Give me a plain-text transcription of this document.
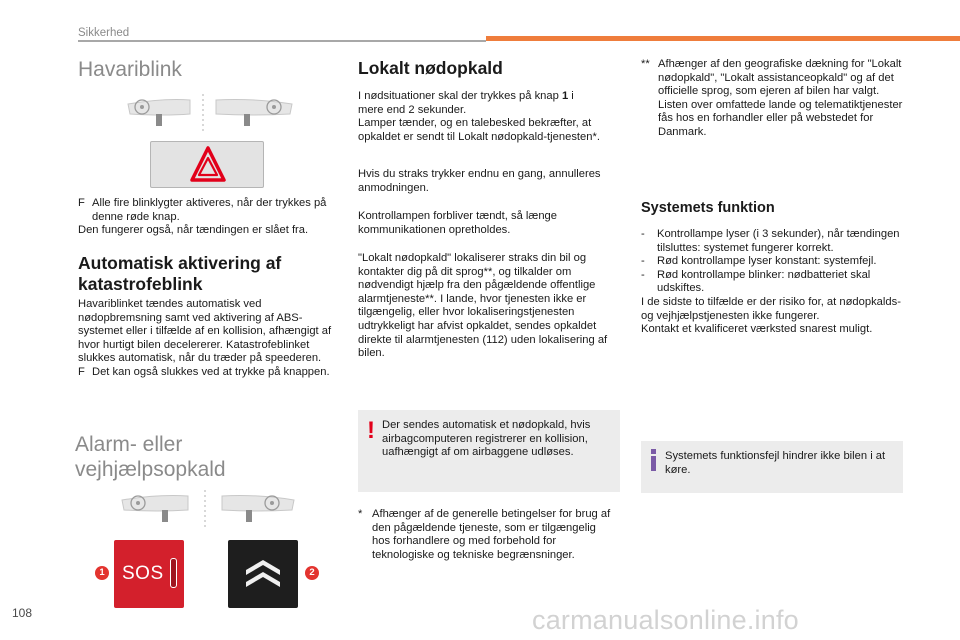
Sikkerhed
Havariblink
F Alle fire blinklygter aktiveres, når der trykkes på denne røde knap.
Den fungerer også, når tændingen er slået fra.
Automatisk aktivering af katastrofeblink
Havariblinket tændes automatisk ved nødopbremsning samt ved aktivering af ABS-systemet eller i tilfælde af en kollision, afhængigt af hvor hurtigt bilen decelererer. Katastrofeblinket slukkes automatisk, når du træder på speederen.
F Det kan også slukkes ved at trykke på knappen.
Alarm- eller
vejhjælpsopkald
SOS
1	2
Lokalt nødopkald
I nødsituationer skal der trykkes på knap 1 i
mere end 2 sekunder.
Lamper tænder, og en talebesked bekræfter, at opkaldet er sendt til Lokalt nødopkald-tjenesten*.
Hvis du straks trykker endnu en gang, annulleres anmodningen.
Kontrollampen forbliver tændt, så længe kommunikationen opretholdes.
"Lokalt nødopkald" lokaliserer straks din bil og kontakter dig på dit sprog**, og tilkalder om nødvendigt hjælp fra den pågældende offentlige alarmtjeneste**. I lande, hvor tjenesten ikke er tilgængelig, eller hvor lokaliseringstjenesten udtrykkeligt har afvist opkaldet, sendes opkaldet direkte til alarmtjenesten (112) uden lokalisering af bilen.
! Der sendes automatisk et nødopkald, hvis airbagcomputeren registrerer en kollision, uafhængigt af om airbaggene udløses.
* Afhænger af de generelle betingelser for brug af den pågældende tjeneste, som er tilgængelig hos forhandlere og med forbehold for teknologiske og tekniske begrænsninger.
** Afhænger af den geografiske dækning for "Lokalt nødopkald", "Lokalt assistanceopkald" og af det officielle sprog, som ejeren af bilen har valgt. Listen over omfattede lande og telematiktjenester fås hos en forhandler eller på webstedet for Danmark.
Systemets funktion
- Kontrollampe lyser (i 3 sekunder), når tændingen tilsluttes: systemet fungerer korrekt.
- Rød kontrollampe lyser konstant: systemfejl.
- Rød kontrollampe blinker: nødbatteriet skal udskiftes.
I de sidste to tilfælde er der risiko for, at nødopkalds- og vejhjælpstjenesten ikke fungerer.
Kontakt et kvalificeret værksted snarest muligt.
Systemets funktionsfejl hindrer ikke bilen i at køre.
108	carmanualsonline.info
